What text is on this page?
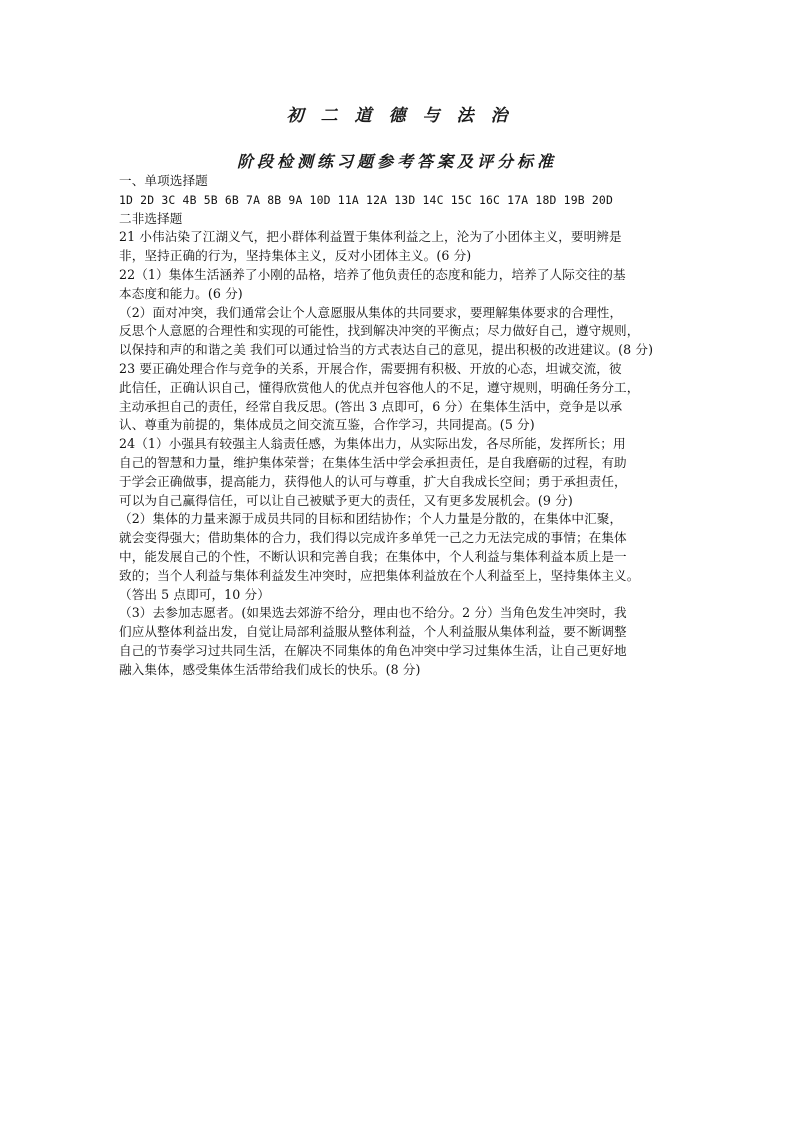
初二道德与法治
阶段检测练习题参考答案及评分标准
一、单项选择题
1D 2D 3C 4B 5B 6B 7A 8B 9A 10D 11A 12A 13D 14C 15C 16C 17A 18D 19B 20D
二非选择题
21 小伟沾染了江湖义气，把小群体利益置于集体利益之上，沦为了小团体主义，要明辨是
非，坚持正确的行为，坚持集体主义，反对小团体主义。(6 分)
22（1）集体生活涵养了小刚的品格，培养了他负责任的态度和能力，培养了人际交往的基
本态度和能力。(6 分)
（2）面对冲突，我们通常会让个人意愿服从集体的共同要求，要理解集体要求的合理性，
反思个人意愿的合理性和实现的可能性，找到解决冲突的平衡点；尽力做好自己，遵守规则，
以保持和声的和谐之美 我们可以通过恰当的方式表达自己的意见，提出积极的改进建议。(8 分)
23 要正确处理合作与竞争的关系，开展合作，需要拥有积极、开放的心态，坦诚交流，彼
此信任，正确认识自己，懂得欣赏他人的优点并包容他人的不足，遵守规则，明确任务分工，
主动承担自己的责任，经常自我反思。(答出 3 点即可，6 分）在集体生活中，竞争是以承
认、尊重为前提的，集体成员之间交流互鉴，合作学习，共同提高。(5 分)
24（1）小强具有较强主人翁责任感，为集体出力，从实际出发，各尽所能，发挥所长；用
自己的智慧和力量，维护集体荣誉；在集体生活中学会承担责任，是自我磨砺的过程，有助
于学会正确做事，提高能力，获得他人的认可与尊重，扩大自我成长空间；勇于承担责任，
可以为自己赢得信任，可以让自己被赋予更大的责任，又有更多发展机会。(9 分)
（2）集体的力量来源于成员共同的目标和团结协作；个人力量是分散的，在集体中汇聚，
就会变得强大；借助集体的合力，我们得以完成许多单凭一己之力无法完成的事情；在集体
中，能发展自己的个性，不断认识和完善自我；在集体中，个人利益与集体利益本质上是一
致的；当个人利益与集体利益发生冲突时，应把集体利益放在个人利益至上，坚持集体主义。
（答出 5 点即可，10 分）
（3）去参加志愿者。(如果选去郊游不给分，理由也不给分。2 分）当角色发生冲突时，我
们应从整体利益出发，自觉让局部利益服从整体利益，个人利益服从集体利益，要不断调整
自己的节奏学习过共同生活，在解决不同集体的角色冲突中学习过集体生活，让自己更好地
融入集体，感受集体生活带给我们成长的快乐。(8 分)
